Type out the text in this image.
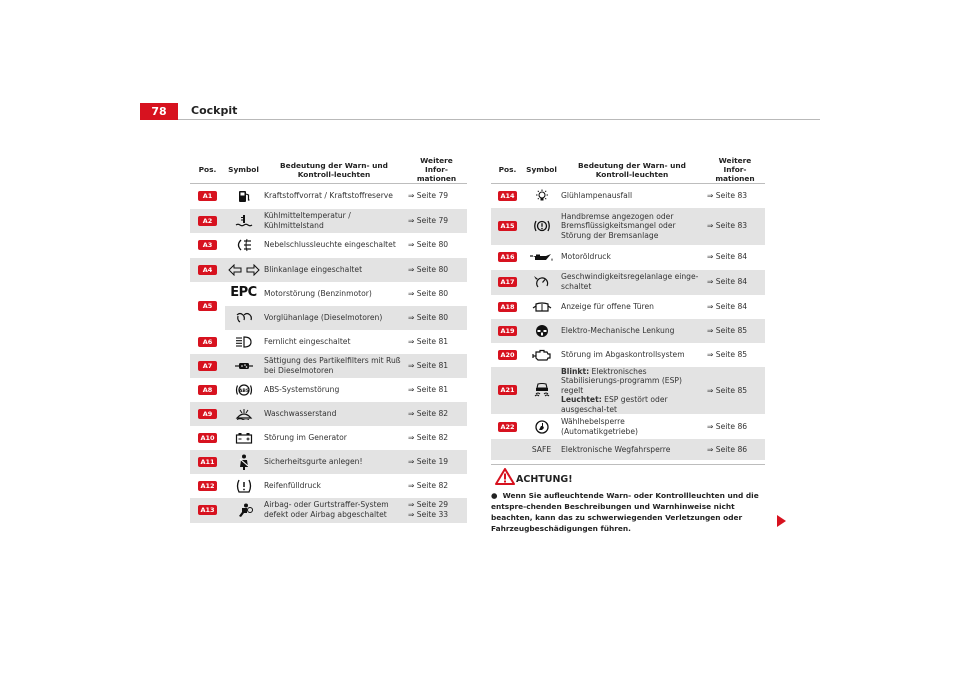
78	Cockpit
Pos.	Symbol	Bedeutung der Warn- und Kontroll-leuchten	Weitere Infor-mationen
A1		Kraftstoffvorrat / Kraftstoffreserve	⇒ Seite 79
A2		Kühlmitteltemperatur / Kühlmittelstand	⇒ Seite 79
A3		Nebelschlussleuchte eingeschaltet	⇒ Seite 80
A4		Blinkanlage eingeschaltet	⇒ Seite 80
A5	EPC	Motorstörung (Benzinmotor)	⇒ Seite 80

	Vorglühanlage (Dieselmotoren)	⇒ Seite 80
A6		Fernlicht eingeschaltet	⇒ Seite 81
A7		Sättigung des Partikelfilters mit Ruß bei Dieselmotoren	⇒ Seite 81
A8	ABS	ABS-Systemstörung	⇒ Seite 81
A9		Waschwasserstand	⇒ Seite 82
A10		Störung im Generator	⇒ Seite 82
A11		Sicherheitsgurte anlegen!	⇒ Seite 19
A12		Reifenfülldruck	⇒ Seite 82
A13		Airbag- oder Gurtstraffer-System defekt oder Airbag abgeschaltet	⇒ Seite 29
⇒ Seite 33
Pos.	Symbol	Bedeutung der Warn- und Kontroll-leuchten	Weitere Infor-mationen
A14		Glühlampenausfall	⇒ Seite 83
A15		Handbremse angezogen oder Bremsflüssigkeitsmangel oder Störung der Bremsanlage	⇒ Seite 83
A16		Motoröldruck	⇒ Seite 84
A17		Geschwindigkeitsregelanlage einge-schaltet	⇒ Seite 84
A18		Anzeige für offene Türen	⇒ Seite 84
A19		Elektro-Mechanische Lenkung	⇒ Seite 85
A20		Störung im Abgaskontrollsystem	⇒ Seite 85
A21		Blinkt: Elektronisches Stabilisierungs-programm (ESP) regelt
Leuchtet: ESP gestört oder ausgeschal-tet	⇒ Seite 85
A22		Wählhebelsperre (Automatikgetriebe)	⇒ Seite 86
	SAFE	Elektronische Wegfahrsperre	⇒ Seite 86
ACHTUNG!
● Wenn Sie aufleuchtende Warn- oder Kontrollleuchten und die entspre-chenden Beschreibungen und Warnhinweise nicht beachten, kann das zu schwerwiegenden Verletzungen oder Fahrzeugbeschädigungen führen.
